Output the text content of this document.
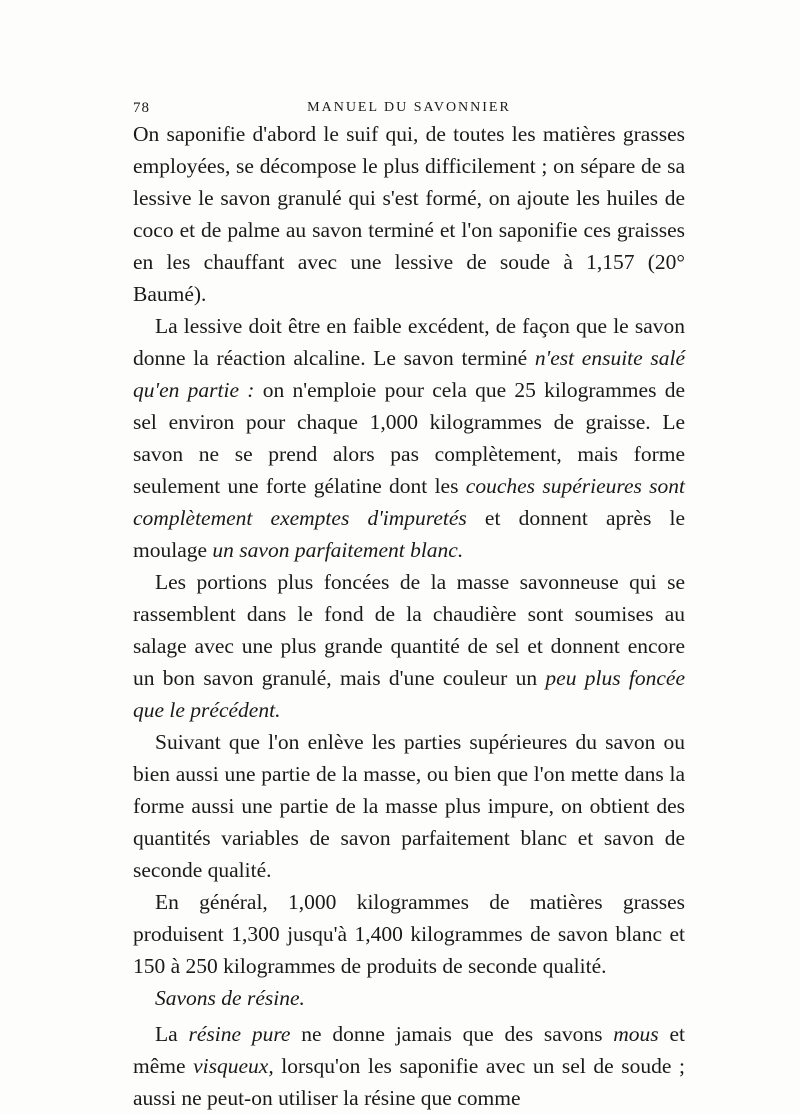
78	MANUEL DU SAVONNIER

On saponifie d'abord le suif qui, de toutes les matières grasses employées, se décompose le plus difficilement ; on sépare de sa lessive le savon granulé qui s'est formé, on ajoute les huiles de coco et de palme au savon terminé et l'on saponifie ces graisses en les chauffant avec une lessive de soude à 1,157 (20° Baumé).

La lessive doit être en faible excédent, de façon que le savon donne la réaction alcaline. Le savon terminé n'est ensuite salé qu'en partie : on n'emploie pour cela que 25 kilogrammes de sel environ pour chaque 1,000 kilogrammes de graisse. Le savon ne se prend alors pas complètement, mais forme seulement une forte gélatine dont les couches supérieures sont complètement exemptes d'impuretés et donnent après le moulage un savon parfaitement blanc.

Les portions plus foncées de la masse savonneuse qui se rassemblent dans le fond de la chaudière sont soumises au salage avec une plus grande quantité de sel et donnent encore un bon savon granulé, mais d'une couleur un peu plus foncée que le précédent.

Suivant que l'on enlève les parties supérieures du savon ou bien aussi une partie de la masse, ou bien que l'on mette dans la forme aussi une partie de la masse plus impure, on obtient des quantités variables de savon parfaitement blanc et savon de seconde qualité.

En général, 1,000 kilogrammes de matières grasses produisent 1,300 jusqu'à 1,400 kilogrammes de savon blanc et 150 à 250 kilogrammes de produits de seconde qualité.

Savons de résine.

La résine pure ne donne jamais que des savons mous et même visqueux, lorsqu'on les saponifie avec un sel de soude ; aussi ne peut-on utiliser la résine que comme
